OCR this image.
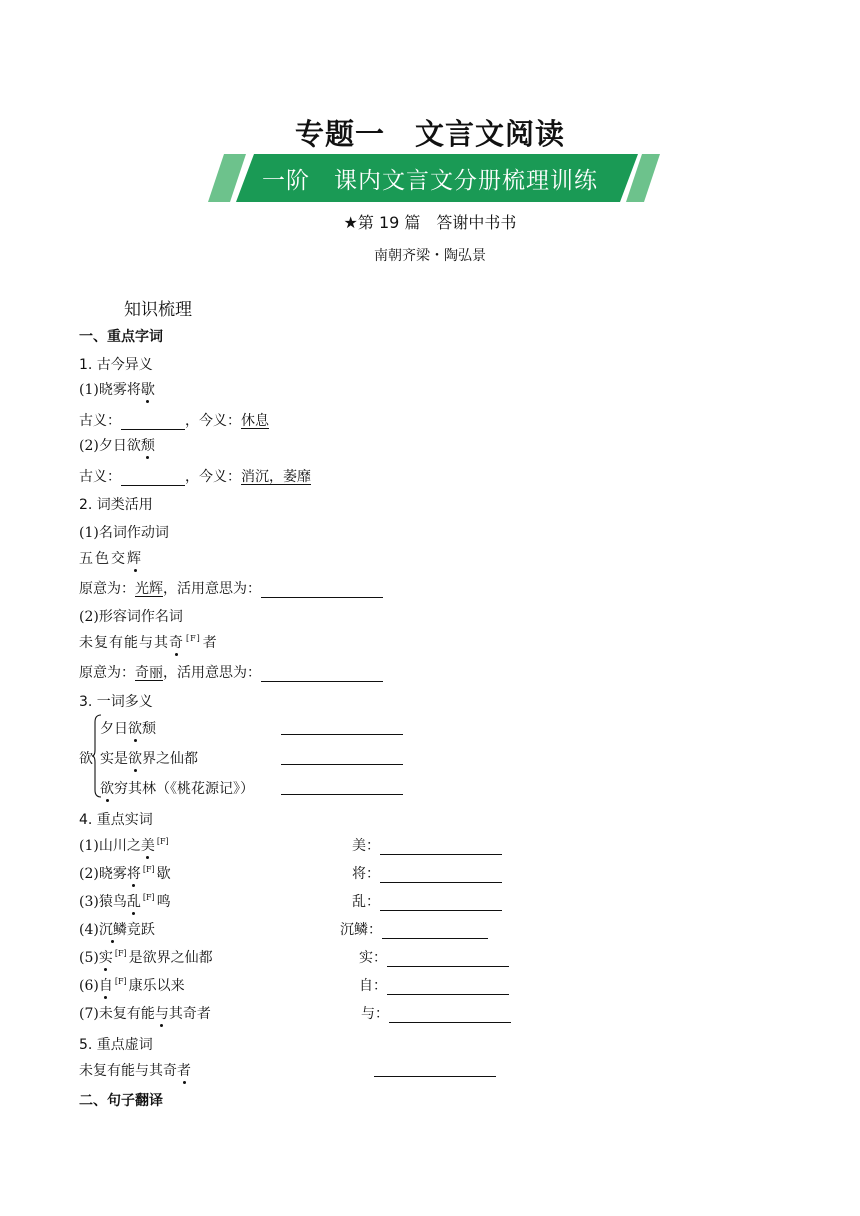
专题一　文言文阅读
一阶　课内文言文分册梳理训练
★第 19 篇　答谢中书书
南朝齐梁・陶弘景
知识梳理
一、重点字词
1. 古今异义
(1)晓雾将歇
古义：	，今义：休息
(2)夕日欲颓
古义：	，今义：消沉，萎靡
2. 词类活用
(1)名词作动词
五色交辉
原意为：光辉，活用意思为：
(2)形容词作名词
未复有能与其奇 [F] 者
原意为：奇丽，活用意思为：
3. 一词多义
欲
夕日欲颓
实是欲界之仙都
欲穷其林（《桃花源记》）
4. 重点实词
(1)山川之美 [F]	美：
(2)晓雾将 [F] 歇	将：
(3)猿鸟乱 [F] 鸣	乱：
(4)沉鳞竞跃	沉鳞：
(5)实 [F] 是欲界之仙都	实：
(6)自 [F] 康乐以来	自：
(7)未复有能与其奇者	与：
5. 重点虚词
未复有能与其奇者
二、句子翻译
